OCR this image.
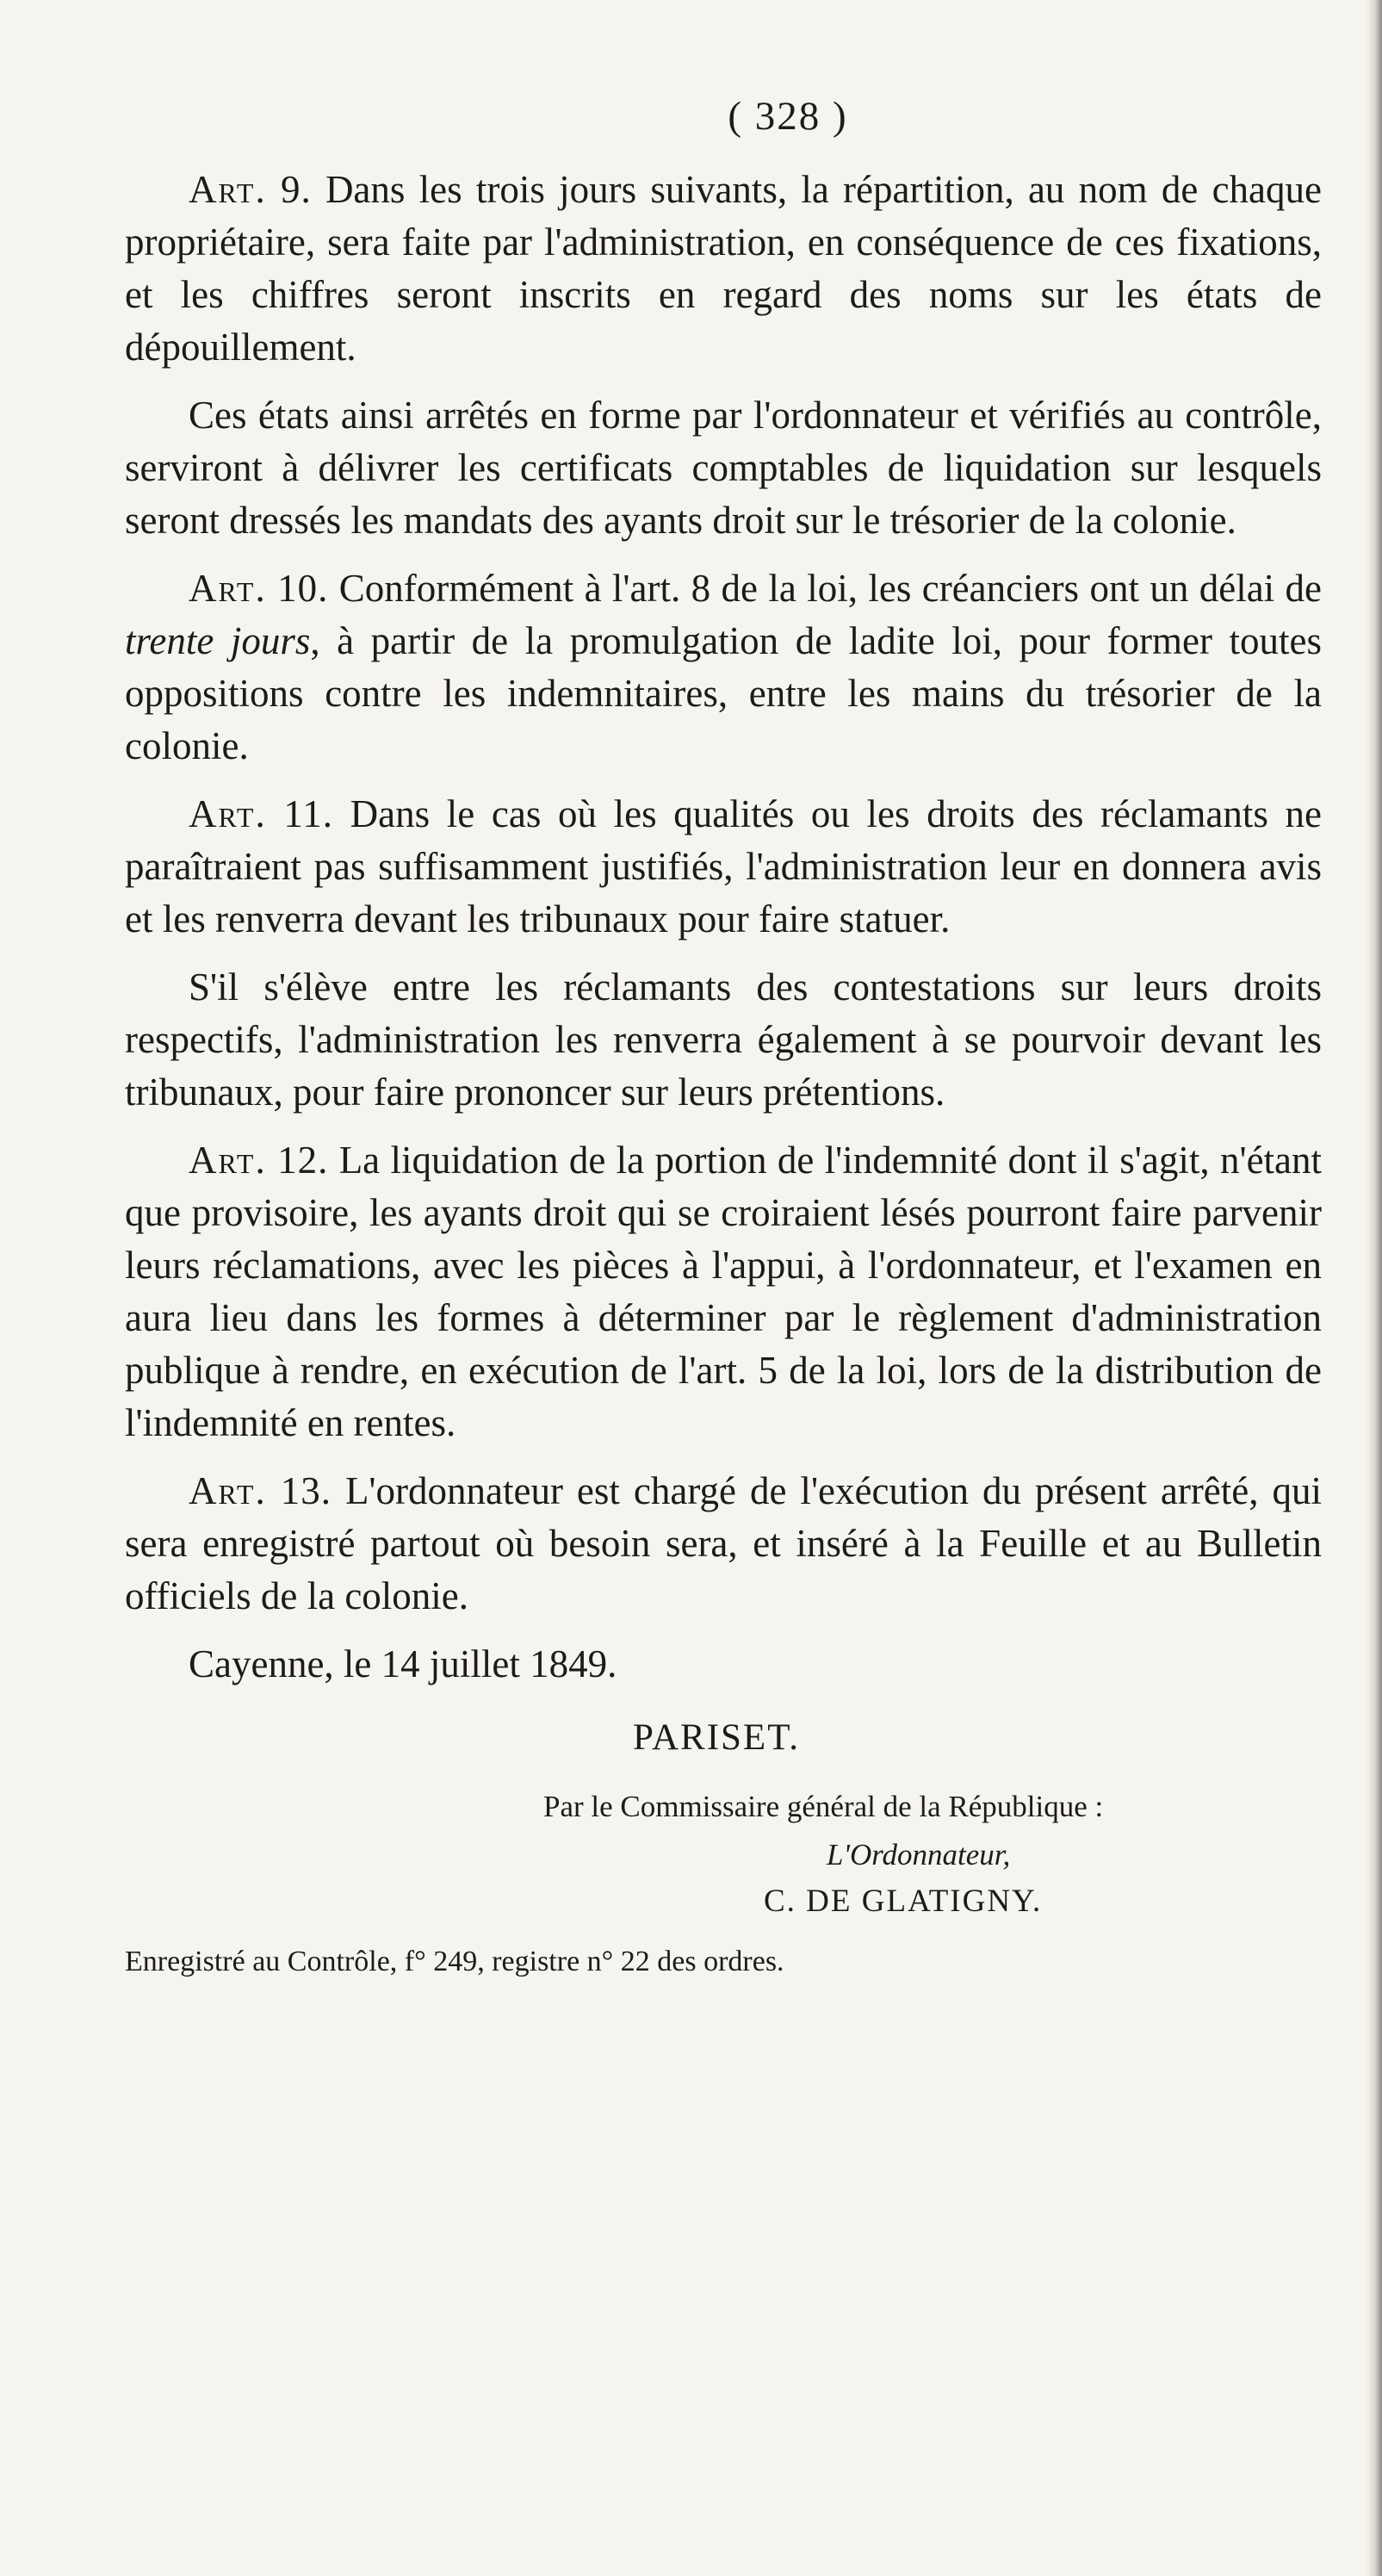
( 328 )

Art. 9. Dans les trois jours suivants, la répartition, au nom de chaque propriétaire, sera faite par l'administration, en conséquence de ces fixations, et les chiffres seront inscrits en regard des noms sur les états de dépouillement.

Ces états ainsi arrêtés en forme par l'ordonnateur et vérifiés au contrôle, serviront à délivrer les certificats comptables de liquidation sur lesquels seront dressés les mandats des ayants droit sur le trésorier de la colonie.

Art. 10. Conformément à l'art. 8 de la loi, les créanciers ont un délai de trente jours, à partir de la promulgation de ladite loi, pour former toutes oppositions contre les indemnitaires, entre les mains du trésorier de la colonie.

Art. 11. Dans le cas où les qualités ou les droits des réclamants ne paraîtraient pas suffisamment justifiés, l'administration leur en donnera avis et les renverra devant les tribunaux pour faire statuer.

S'il s'élève entre les réclamants des contestations sur leurs droits respectifs, l'administration les renverra également à se pourvoir devant les tribunaux, pour faire prononcer sur leurs prétentions.

Art. 12. La liquidation de la portion de l'indemnité dont il s'agit, n'étant que provisoire, les ayants droit qui se croiraient lésés pourront faire parvenir leurs réclamations, avec les pièces à l'appui, à l'ordonnateur, et l'examen en aura lieu dans les formes à déterminer par le règlement d'administration publique à rendre, en exécution de l'art. 5 de la loi, lors de la distribution de l'indemnité en rentes.

Art. 13. L'ordonnateur est chargé de l'exécution du présent arrêté, qui sera enregistré partout où besoin sera, et inséré à la Feuille et au Bulletin officiels de la colonie.

Cayenne, le 14 juillet 1849.

PARISET.
Par le Commissaire général de la République :
L'Ordonnateur,
C. DE GLATIGNY.

Enregistré au Contrôle, f° 249, registre n° 22 des ordres.
